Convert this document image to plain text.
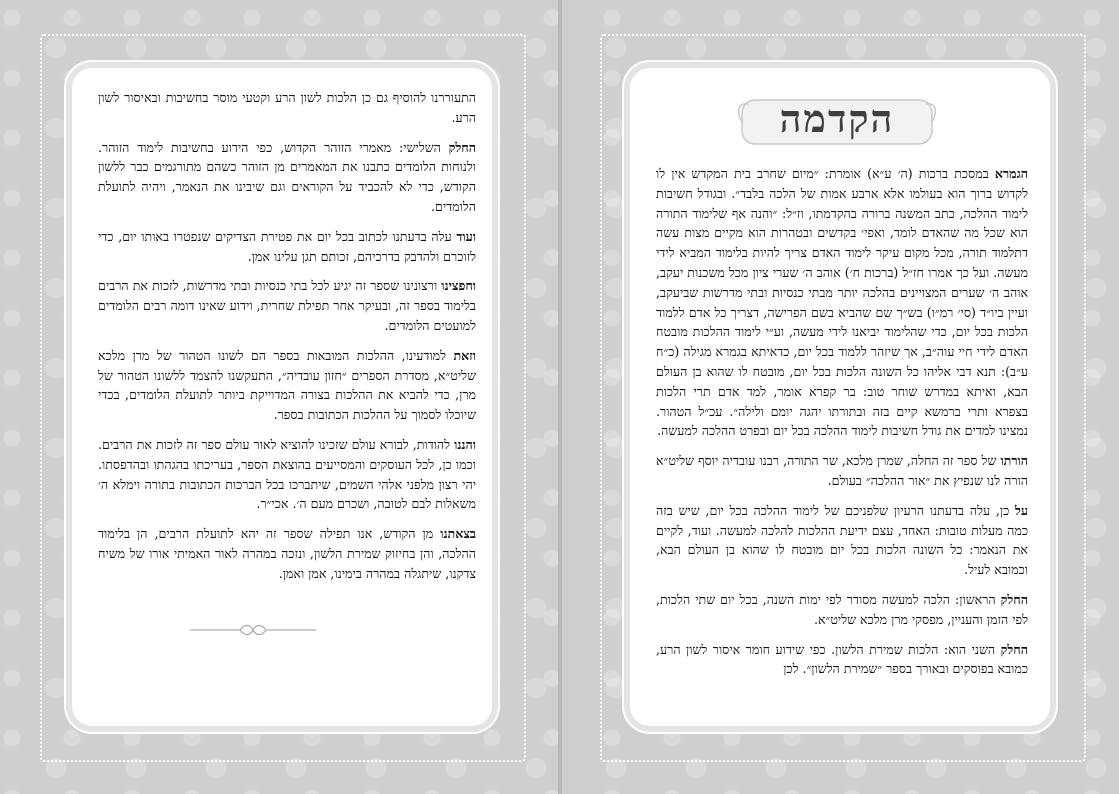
התעוררנו להוסיף גם כן הלכות לשון הרע וקטעי מוסר בחשיבות ובאיסור לשון הרע.

החלק השלישי: מאמרי הזוהר הקדוש, כפי הידוע בחשיבות לימוד הזוהר. ולנוחות הלומדים כתבנו את המאמרים מן הזוהר כשהם מתורגמים כבר ללשון הקודש, כדי לא להכביד על הקוראים וגם שיבינו את הנאמר, ויהיה לתועלת הלומדים.

ועוד עלה בדעתנו לכתוב בכל יום את פטירת הצדיקים שנפטרו באותו יום, כדי לזוכרם ולהדבק בדרכיהם, זכותם תגן עלינו אמן.

וחפצינו ורצונינו שספר זה יגיע לכל בתי כנסיות ובתי מדרשות, לזכות את הרבים בלימוד בספר זה, ובעיקר אחר תפילת שחרית, וידוע שאינו דומה רבים הלומדים למועטים הלומדים.

וזאת למודעינו, ההלכות המובאות בספר הם לשונו הטהור של מרן מלכא שליט״א, מסדרת הספרים ״חזון עובדיה״, התעקשנו להצמד ללשונו הטהור של מרן, כדי להביא את ההלכות בצורה המדוייקת ביותר לתועלת הלומדים, בכדי שיוכלו לסמוך על ההלכות הכתובות בספר.

והננו להודות, לבורא עולם שזכינו להוציא לאור עולם ספר זה לזכות את הרבים. וכמו כן, לכל העוסקים והמסייעים בהוצאת הספר, בעריכתו בהגהתו ובהדפסתו. יהי רצון מלפני אלהי השמים, שיתברכו בכל הברכות הכתובות בתורה וימלא ה׳ משאלות לבם לטובה, ושכרם מעם ה׳. אכי״ר.

בצאתנו מן הקודש, אנו תפילה שספר זה יהא לתועלת הרבים, הן בלימוד ההלכה, והן בחיזוק שמירת הלשון, ונזכה במהרה לאור האמיתי אורו של משיח צדקנו, שיתגלה במהרה בימינו, אמן ואמן.

הקדמה

הגמרא במסכת ברכות (ה׳ ע״א) אומרת: ״מיום שחרב בית המקדש אין לו לקדוש ברוך הוא בעולמו אלא ארבע אמות של הלכה בלבד״. ובגודל חשיבות לימוד ההלכה, כתב המשנה ברורה בהקדמתו, וז״ל: ״והנה אף שלימוד התורה הוא שכל מה שהאדם לומד, ואפי׳ בקדשים ובטהרות הוא מקיים מצות עשה דתלמוד תורה, מכל מקום עיקר לימוד האדם צריך להיות בלימוד המביא לידי מעשה. ועל כך אמרו חז״ל (ברכות ח׳) אוהב ה׳ שערי ציון מכל משכנות יעקב, אוהב ה׳ שערים המצויינים בהלכה יותר מבתי כנסיות ובתי מדרשות שביעקב, ועיין ביו״ד (סי׳ רמ״ו) בש״ך שם שהביא בשם הפרישה, דצריך כל אדם ללמוד הלכות בכל יום, כדי שהלימוד יביאנו לידי מעשה, וע״י לימוד ההלכות מובטח האדם לידי חיי עוה״ב, אך שיזהר ללמוד בכל יום, כדאיתא בגמרא מגילה (כ״ח ע״ב): תנא דבי אליהו כל השונה הלכות בכל יום, מובטח לו שהוא בן העולם הבא, ואיתא במדרש שוחר טוב: בר קפרא אומר, למד אדם תרי הלכות בצפרא ותרי ברמשא קיים בזה ובתורתו יהגה יומם ולילה״. עכ״ל הטהור. נמצינו למדים את גודל חשיבות לימוד ההלכה בכל יום ובפרט ההלכה למעשה.

הורתו של ספר זה החלה, שמרן מלכא, שר התורה, רבנו עובדיה יוסף שליט״א הורה לנו שנפיץ את ״אור ההלכה״ בעולם.

על כן, עלה בדעתנו הרעיון שלפניכם של לימוד ההלכה בכל יום, שיש בזה כמה מעלות טובות: האחד, עצם ידיעת ההלכות להלכה למעשה. ועוד, לקיים את הנאמר: כל השונה הלכות בכל יום מובטח לו שהוא בן העולם הבא, וכמובא לעיל.

החלק הראשון: הלכה למעשה מסודר לפי ימות השנה, בכל יום שתי הלכות, לפי הזמן והעניין, מפסקי מרן מלכא שליט״א.

החלק השני הוא: הלכות שמירת הלשון. כפי שידוע חומר איסור לשון הרע, כמובא בפוסקים ובאורך בספר ״שמירת הלשון״. לכן
